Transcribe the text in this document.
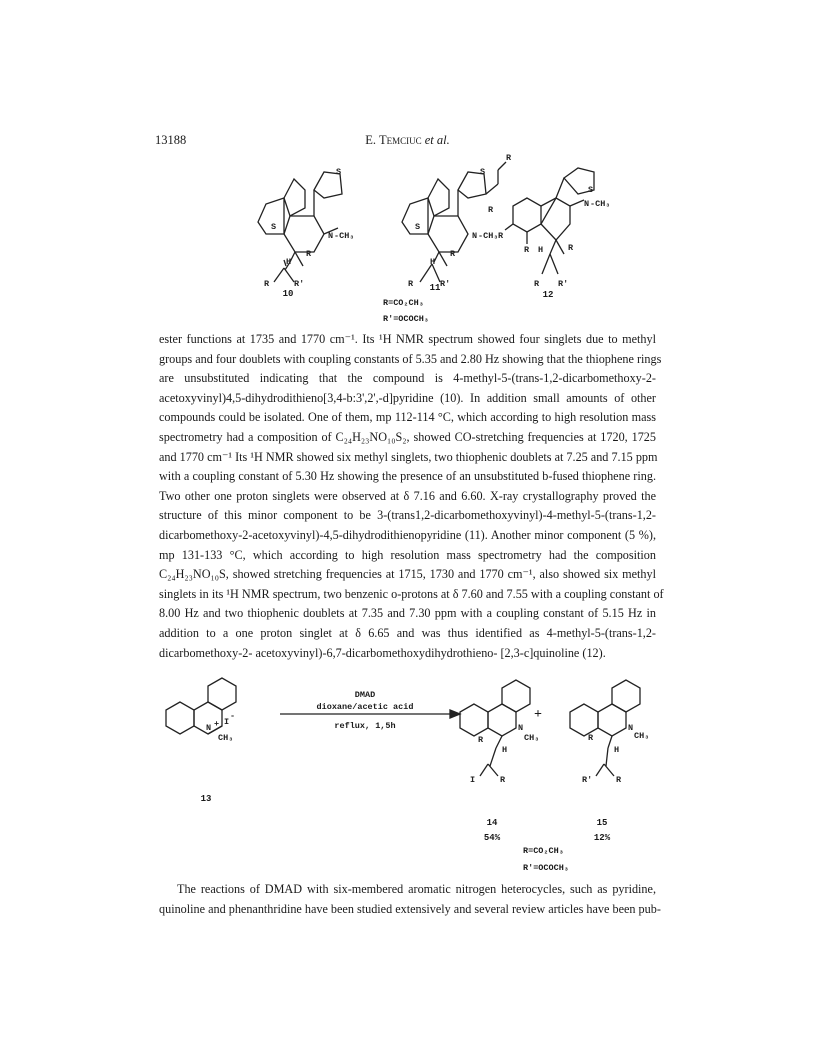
13188	E. Temciuc et al.
S
S
N -CH₃
R
H
R	R'
S
S
N -CH₃
R
R
R
H
R	R'
S
N -CH₃
R
R H	R
R R'
10
11
12
R=CO₂CH₃
R'=OCOCH₃
ester functions at 1735 and 1770 cm⁻¹. Its ¹H NMR spectrum showed four singlets due to methyl
groups and four doublets with coupling constants of 5.35 and 2.80 Hz showing that the thiophene rings
are unsubstituted indicating that the compound is 4-methyl-5-(trans-1,2-dicarbomethoxy-2-
acetoxyvinyl)4,5-dihydrodithieno[3,4-b:3',2',-d]pyridine (10). In addition small amounts of other
compounds could be isolated. One of them, mp 112-114 °C, which according to high resolution mass
spectrometry had a composition of C₂₄H₂₃NO₁₀S₂, showed CO-stretching frequencies at 1720, 1725
and 1770 cm⁻¹ Its ¹H NMR showed six methyl singlets, two thiophenic doublets at 7.25 and 7.15 ppm
with a coupling constant of 5.30 Hz showing the presence of an unsubstituted b-fused thiophene ring.
Two other one proton singlets were observed at δ 7.16 and 6.60. X-ray crystallography proved the
structure of this minor component to be 3-(trans1,2-dicarbomethoxyvinyl)-4-methyl-5-(trans-1,2-
dicarbomethoxy-2-acetoxyvinyl)-4,5-dihydrodithienopyridine (11). Another minor component (5 %),
mp 131-133 °C, which according to high resolution mass spectrometry had the composition
C₂₄H₂₃NO₁₀S, showed stretching frequencies at 1715, 1730 and 1770 cm⁻¹, also showed six methyl
singlets in its ¹H NMR spectrum, two benzenic o-protons at δ 7.60 and 7.55 with a coupling constant of
8.00 Hz and two thiophenic doublets at 7.35 and 7.30 ppm with a coupling constant of 5.15 Hz in
addition to a one proton singlet at δ 6.65 and was thus identified as 4-methyl-5-(trans-1,2-
dicarbomethoxy-2- acetoxyvinyl)-6,7-dicarbomethoxydihydrothieno- [2,3-c]quinoline (12).
N + I
-
CH₃
N
CH₃
R
H
I	R
N
CH₃
R
H
R'	R
DMAD
dioxane/acetic acid
reflux, 1,5h
+
13
14	15
54%	12%
R=CO₂CH₃
R'=OCOCH₃
The reactions of DMAD with six-membered aromatic nitrogen heterocycles, such as pyridine,
quinoline and phenanthridine have been studied extensively and several review articles have been pub-
